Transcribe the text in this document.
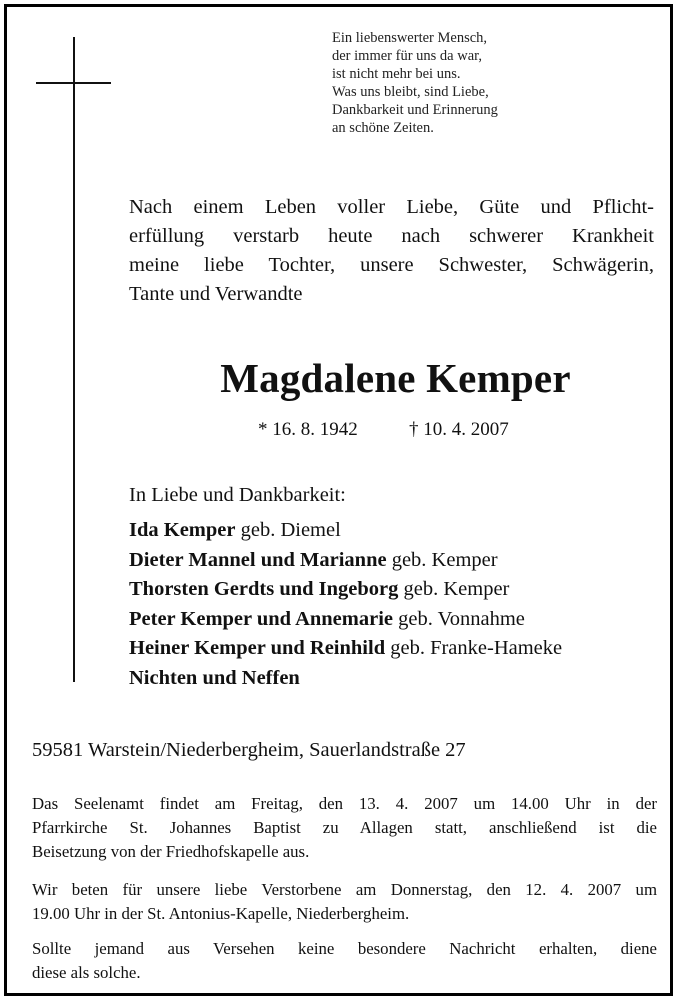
Ein liebenswerter Mensch,
der immer für uns da war,
ist nicht mehr bei uns.
Was uns bleibt, sind Liebe,
Dankbarkeit und Erinnerung
an schöne Zeiten.
Nach einem Leben voller Liebe, Güte und Pflicht-
erfüllung verstarb heute nach schwerer Krankheit
meine liebe Tochter, unsere Schwester, Schwägerin,
Tante und Verwandte
Magdalene Kemper
* 16. 8. 1942	† 10. 4. 2007
In Liebe und Dankbarkeit:
Ida Kemper geb. Diemel
Dieter Mannel und Marianne geb. Kemper
Thorsten Gerdts und Ingeborg geb. Kemper
Peter Kemper und Annemarie geb. Vonnahme
Heiner Kemper und Reinhild geb. Franke-Hameke
Nichten und Neffen
59581 Warstein/Niederbergheim, Sauerlandstraße 27
Das Seelenamt findet am Freitag, den 13. 4. 2007 um 14.00 Uhr in der
Pfarrkirche St. Johannes Baptist zu Allagen statt, anschließend ist die
Beisetzung von der Friedhofskapelle aus.
Wir beten für unsere liebe Verstorbene am Donnerstag, den 12. 4. 2007 um
19.00 Uhr in der St. Antonius-Kapelle, Niederbergheim.
Sollte jemand aus Versehen keine besondere Nachricht erhalten, diene
diese als solche.
